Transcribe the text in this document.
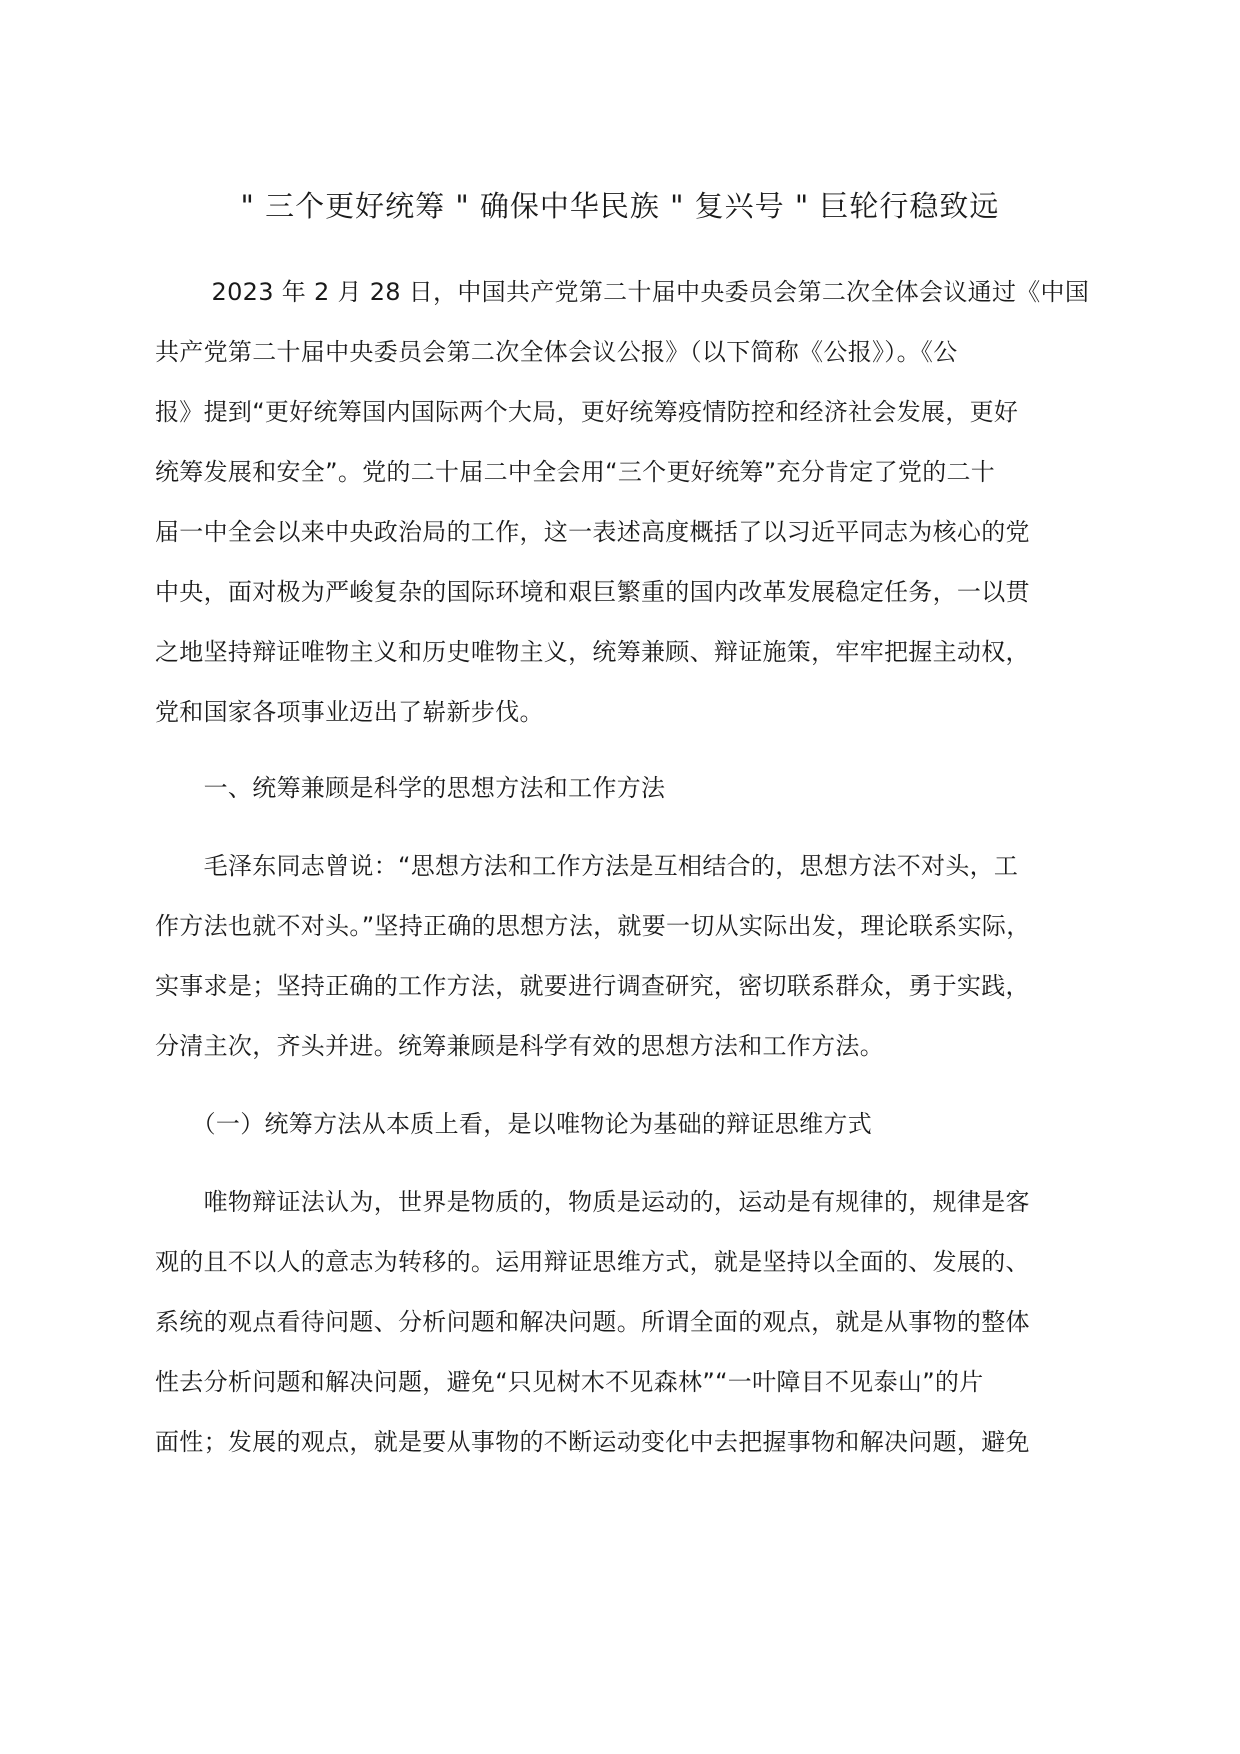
" 三个更好统筹 " 确保中华民族 " 复兴号 " 巨轮行稳致远
　　 2023 年 2 月 28 日，中国共产党第二十届中央委员会第二次全体会议通过《中国
共产党第二十届中央委员会第二次全体会议公报》（以下简称《公报》）。《公
报》提到“更好统筹国内国际两个大局，更好统筹疫情防控和经济社会发展，更好
统筹发展和安全”。党的二十届二中全会用“三个更好统筹”充分肯定了党的二十
届一中全会以来中央政治局的工作，这一表述高度概括了以习近平同志为核心的党
中央，面对极为严峻复杂的国际环境和艰巨繁重的国内改革发展稳定任务，一以贯
之地坚持辩证唯物主义和历史唯物主义，统筹兼顾、辩证施策，牢牢把握主动权，
党和国家各项事业迈出了崭新步伐。
　　一、统筹兼顾是科学的思想方法和工作方法
　　毛泽东同志曾说：“思想方法和工作方法是互相结合的，思想方法不对头，工
作方法也就不对头。”坚持正确的思想方法，就要一切从实际出发，理论联系实际，
实事求是；坚持正确的工作方法，就要进行调查研究，密切联系群众，勇于实践，
分清主次，齐头并进。统筹兼顾是科学有效的思想方法和工作方法。
　　（一）统筹方法从本质上看，是以唯物论为基础的辩证思维方式
　　唯物辩证法认为，世界是物质的，物质是运动的，运动是有规律的，规律是客
观的且不以人的意志为转移的。运用辩证思维方式，就是坚持以全面的、发展的、
系统的观点看待问题、分析问题和解决问题。所谓全面的观点，就是从事物的整体
性去分析问题和解决问题，避免“只见树木不见森林”“一叶障目不见泰山”的片
面性；发展的观点，就是要从事物的不断运动变化中去把握事物和解决问题，避免
